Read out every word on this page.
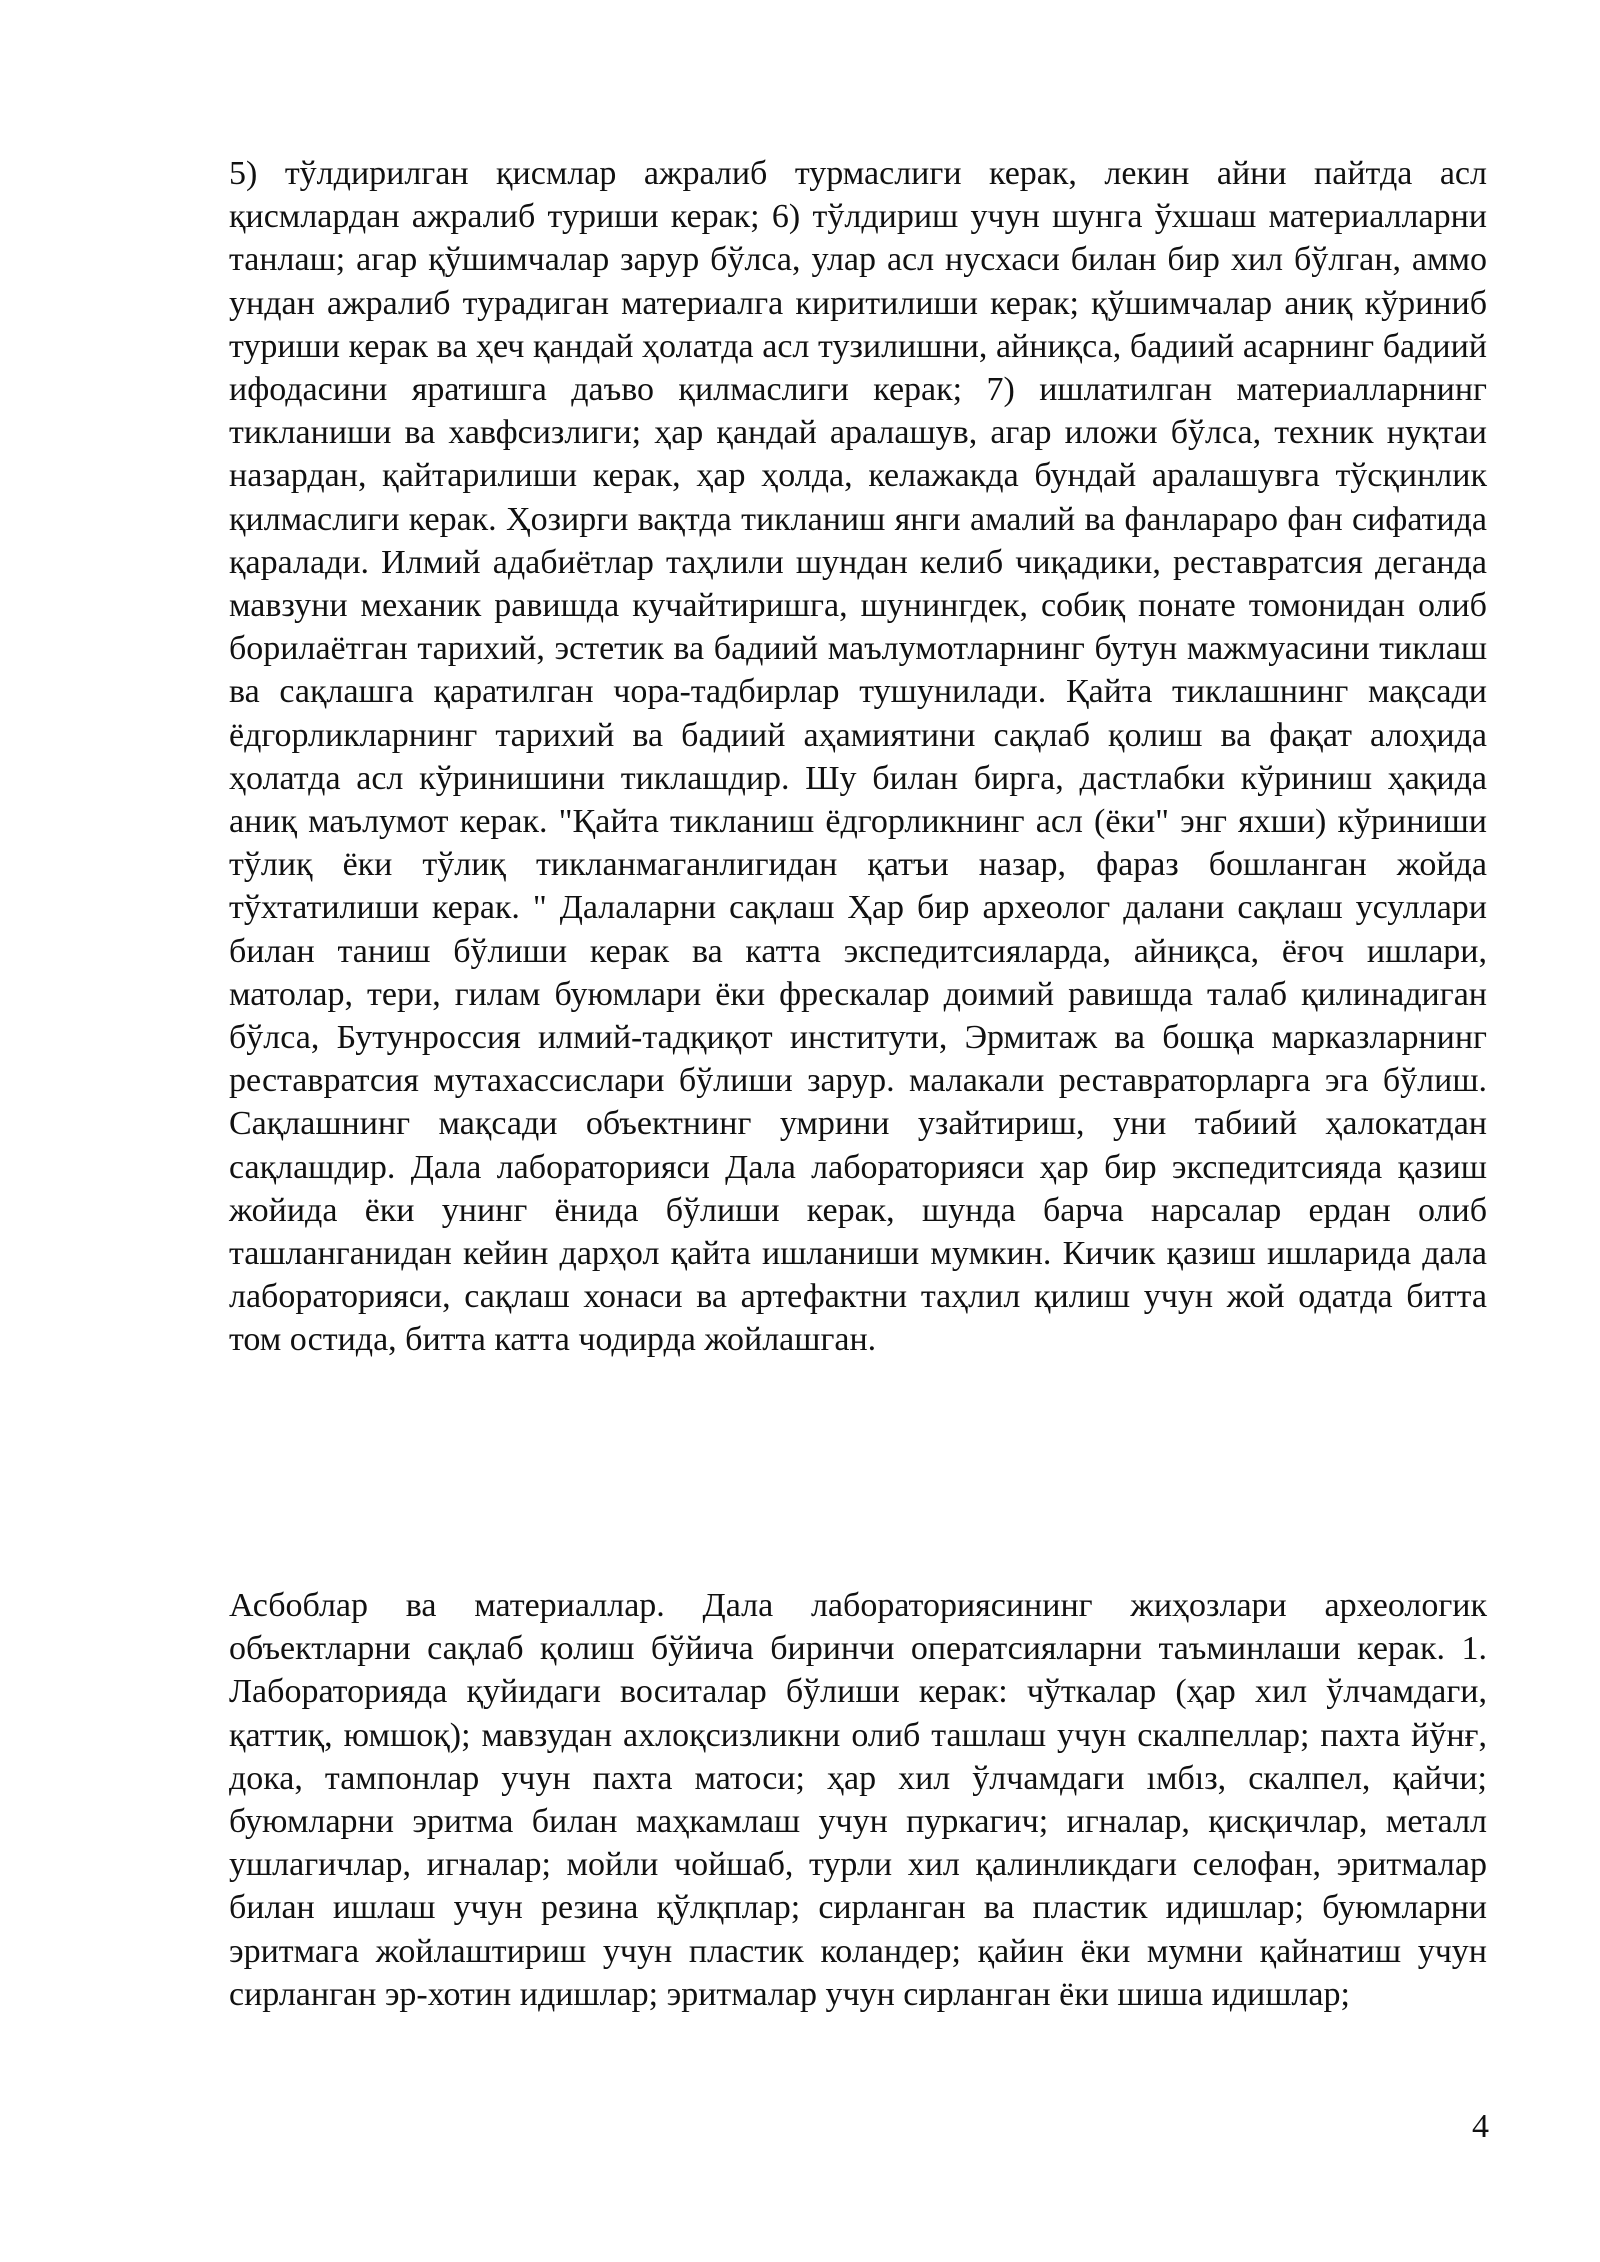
5) тўлдирилган қисмлар ажралиб турмаслиги керак, лекин айни пайтда асл қисмлардан ажралиб туриши керак; 6) тўлдириш учун шунга ўхшаш материалларни танлаш; агар қўшимчалар зарур бўлса, улар асл нусхаси билан бир хил бўлган, аммо ундан ажралиб турадиган материалга киритилиши керак; қўшимчалар аниқ кўриниб туриши керак ва ҳеч қандай ҳолатда асл тузилишни, айниқса, бадиий асарнинг бадиий ифодасини яратишга даъво қилмаслиги керак; 7) ишлатилган материалларнинг тикланиши ва хавфсизлиги; ҳар қандай аралашув, агар иложи бўлса, техник нуқтаи назардан, қайтарилиши керак, ҳар ҳолда, келажакда бундай аралашувга тўсқинлик қилмаслиги керак. Ҳозирги вақтда тикланиш янги амалий ва фанлараро фан сифатида қаралади. Илмий адабиётлар таҳлили шундан келиб чиқадики, реставратсия деганда мавзуни механик равишда кучайтиришга, шунингдек, собиқ понате томонидан олиб борилаётган тарихий, эстетик ва бадиий маълумотларнинг бутун мажмуасини тиклаш ва сақлашга қаратилган чора-тадбирлар тушунилади. Қайта тиклашнинг мақсади ёдгорликларнинг тарихий ва бадиий аҳамиятини сақлаб қолиш ва фақат алоҳида ҳолатда асл кўринишини тиклашдир. Шу билан бирга, дастлабки кўриниш ҳақида аниқ маълумот керак. "Қайта тикланиш ёдгорликнинг асл (ёки" энг яхши) кўриниши тўлиқ ёки тўлиқ тикланмаганлигидан қатъи назар, фараз бошланган жойда тўхтатилиши керак. " Далаларни сақлаш Ҳар бир археолог далани сақлаш усуллари билан таниш бўлиши керак ва катта экспедитсияларда, айниқса, ёғоч ишлари, матолар, тери, гилам буюмлари ёки фрескалар доимий равишда талаб қилинадиган бўлса, Бутунроссия илмий-тадқиқот институти, Эрмитаж ва бошқа марказларнинг реставратсия мутахассислари бўлиши зарур. малакали реставраторларга эга бўлиш. Сақлашнинг мақсади объектнинг умрини узайтириш, уни табиий ҳалокатдан сақлашдир. Дала лабораторияси Дала лабораторияси ҳар бир экспедитсияда қазиш жойида ёки унинг ёнида бўлиши керак, шунда барча нарсалар ердан олиб ташланганидан кейин дарҳол қайта ишланиши мумкин. Кичик қазиш ишларида дала лабораторияси, сақлаш хонаси ва артефактни таҳлил қилиш учун жой одатда битта том остида, битта катта чодирда жойлашган.

Асбоблар ва материаллар. Дала лабораториясининг жиҳозлари археологик объектларни сақлаб қолиш бўйича биринчи оператсияларни таъминлаши керак. 1. Лабораторияда қуйидаги воситалар бўлиши керак: чўткалар (ҳар хил ўлчамдаги, қаттиқ, юмшоқ); мавзудан ахлоқсизликни олиб ташлаш учун скалпеллар; пахта йўнғ, дока, тампонлар учун пахта матоси; ҳар хил ўлчамдаги ıмбıз, скалпел, қайчи; буюмларни эритма билан маҳкамлаш учун пуркагич; игналар, қисқичлар, металл ушлагичлар, игналар; мойли чойшаб, турли хил қалинликдаги селофан, эритмалар билан ишлаш учун резина қўлқплар; сирланган ва пластик идишлар; буюмларни эритмага жойлаштириш учун пластик коландер; қайин ёки мумни қайнатиш учун сирланган эр-хотин идишлар; эритмалар учун сирланган ёки шиша идишлар;

4
